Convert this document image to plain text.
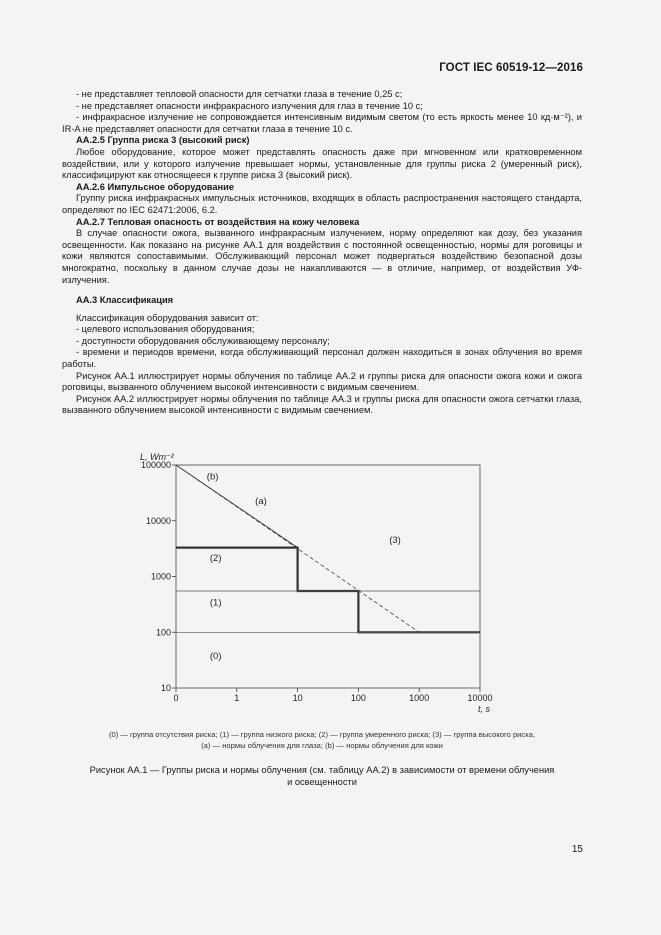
ГОСТ IEC 60519-12—2016

- не представляет тепловой опасности для сетчатки глаза в течение 0,25 с;

- не представляет опасности инфракрасного излучения для глаз в течение 10 с;

- инфракрасное излучение не сопровождается интенсивным видимым светом (то есть яркость менее 10 кд·м⁻²), и IR-A не представляет опасности для сетчатки глаза в течение 10 с.

АА.2.5 Группа риска 3 (высокий риск)

Любое оборудование, которое может представлять опасность даже при мгновенном или кратковременном воздействии, или у которого излучение превышает нормы, установленные для группы риска 2 (умеренный риск), классифицируют как относящееся к группе риска 3 (высокий риск).

АА.2.6 Импульсное оборудование

Группу риска инфракрасных импульсных источников, входящих в область распространения настоящего стандарта, определяют по IEC 62471:2006, 6.2.

АА.2.7 Тепловая опасность от воздействия на кожу человека

В случае опасности ожога, вызванного инфракрасным излучением, норму определяют как дозу, без указания освещенности. Как показано на рисунке АА.1 для воздействия с постоянной освещенностью, нормы для роговицы и кожи являются сопоставимыми. Обслуживающий персонал может подвергаться воздействию безопасной дозы многократно, поскольку в данном случае дозы не накапливаются — в отличие, например, от воздействия УФ-излучения.

АА.3 Классификация

Классификация оборудования зависит от:

- целевого использования оборудования;

- доступности оборудования обслуживающему персоналу;

- времени и периодов времени, когда обслуживающий персонал должен находиться в зонах облучения во время работы.

Рисунок АА.1 иллюстрирует нормы облучения по таблице АА.2 и группы риска для опасности ожога кожи и ожога роговицы, вызванного облучением высокой интенсивности с видимым свечением.

Рисунок АА.2 иллюстрирует нормы облучения по таблице АА.3 и группы риска для опасности ожога сетчатки глаза, вызванного облучением высокой интенсивности с видимым свечением.

0	1	10	100	1000	10000
10
100
1000
10000
100000
L, Wm⁻²
t, s
(b)
(a)
(3)
(2)
(1)
(0)
(0) — группа отсутствия риска; (1) — группа низкого риска; (2) — группа умеренного риска; (3) — группа высокого риска,
(а) — нормы облучения для глаза; (b) — нормы облучения для кожи
Рисунок АА.1 — Группы риска и нормы облучения (см. таблицу АА.2) в зависимости от времени облучения
и освещенности
15
